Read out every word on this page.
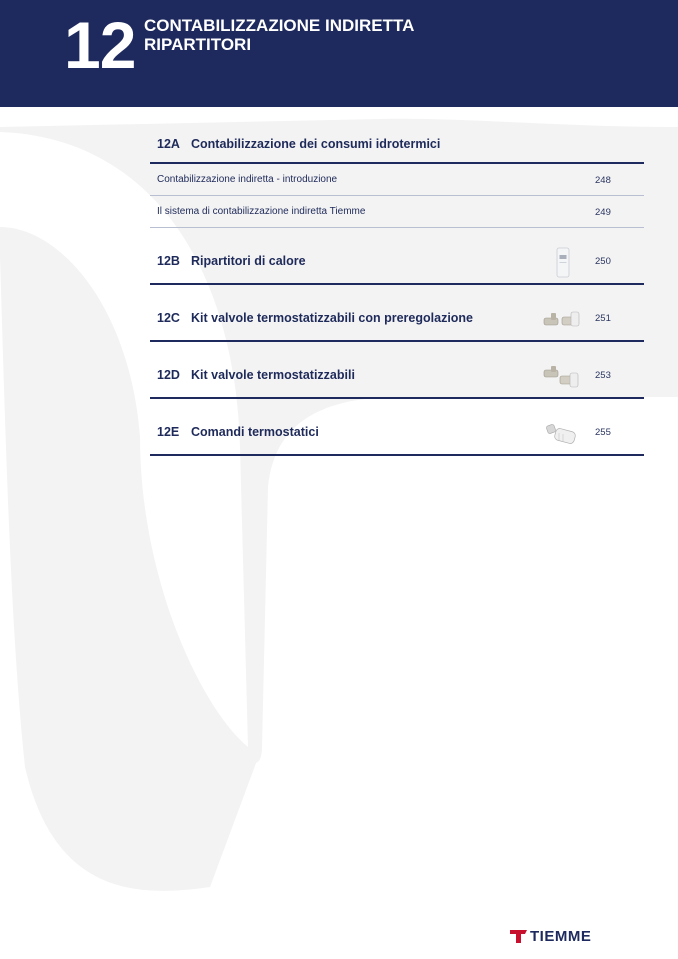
12 CONTABILIZZAZIONE INDIRETTA
RIPARTITORI
12A Contabilizzazione dei consumi idrotermici
Contabilizzazione indiretta - introduzione	248
Il sistema di contabilizzazione indiretta Tiemme	249
12B Ripartitori di calore	250
12C Kit valvole termostatizzabili con preregolazione	251
12D Kit valvole termostatizzabili	253
12E Comandi termostatici	255
TIEMME
